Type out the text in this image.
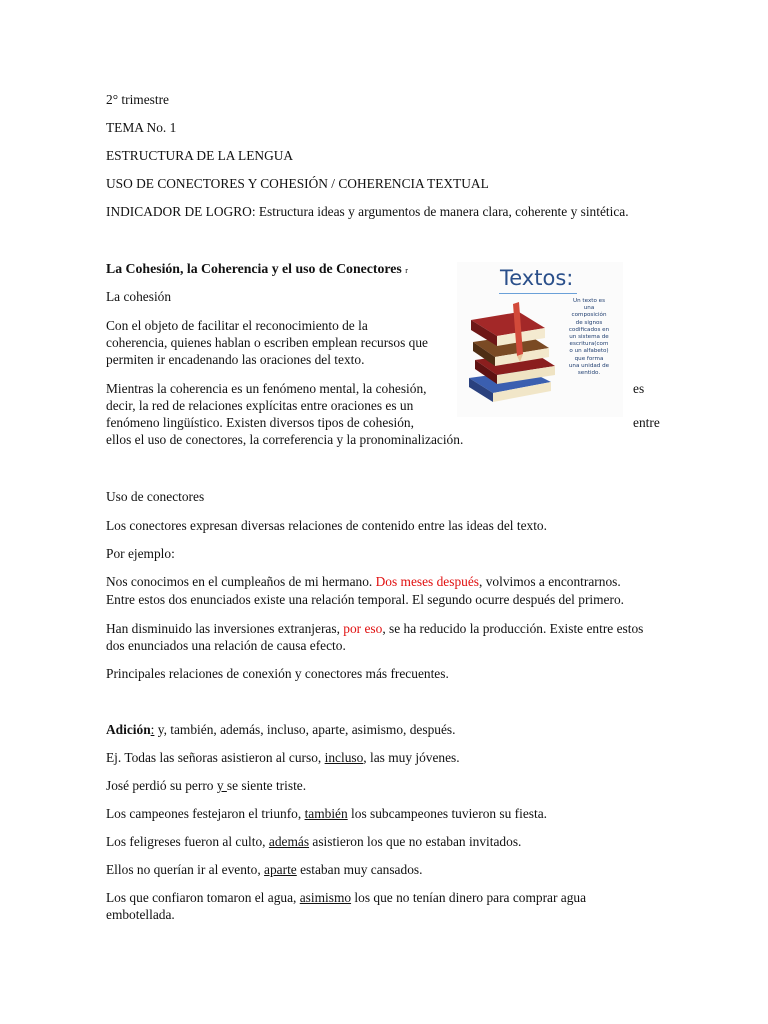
2° trimestre
TEMA No. 1
ESTRUCTURA DE LA LENGUA
USO DE CONECTORES Y COHESIÓN / COHERENCIA TEXTUAL
INDICADOR DE LOGRO: Estructura ideas y argumentos de manera clara, coherente y sintética.
La Cohesión, la Coherencia y el uso de Conectores r
La cohesión
Con el objeto de facilitar el reconocimiento de la
coherencia, quienes hablan o escriben emplean recursos que
permiten ir encadenando las oraciones del texto.
Mientras la coherencia es un fenómeno mental, la cohesión,
decir, la red de relaciones explícitas entre oraciones es un
fenómeno lingüístico. Existen diversos tipos de cohesión,
ellos el uso de conectores, la correferencia y la pronominalización.
es
entre
Textos:
Un texto es
una
composición
de signos
codificados en
un sistema de
escritura(com
o un alfabeto)
que forma
una unidad de
sentido.
Uso de conectores
Los conectores expresan diversas relaciones de contenido entre las ideas del texto.
Por ejemplo:
Nos conocimos en el cumpleaños de mi hermano. Dos meses después, volvimos a encontrarnos.
Entre estos dos enunciados existe una relación temporal. El segundo ocurre después del primero.
Han disminuido las inversiones extranjeras, por eso, se ha reducido la producción. Existe entre estos
dos enunciados una relación de causa efecto.
Principales relaciones de conexión y conectores más frecuentes.
Adición: y, también, además, incluso, aparte, asimismo, después.
Ej. Todas las señoras asistieron al curso, incluso, las muy jóvenes.
José perdió su perro y se siente triste.
Los campeones festejaron el triunfo, también los subcampeones tuvieron su fiesta.
Los feligreses fueron al culto, además asistieron los que no estaban invitados.
Ellos no querían ir al evento, aparte estaban muy cansados.
Los que confiaron tomaron el agua, asimismo los que no tenían dinero para comprar agua
embotellada.
